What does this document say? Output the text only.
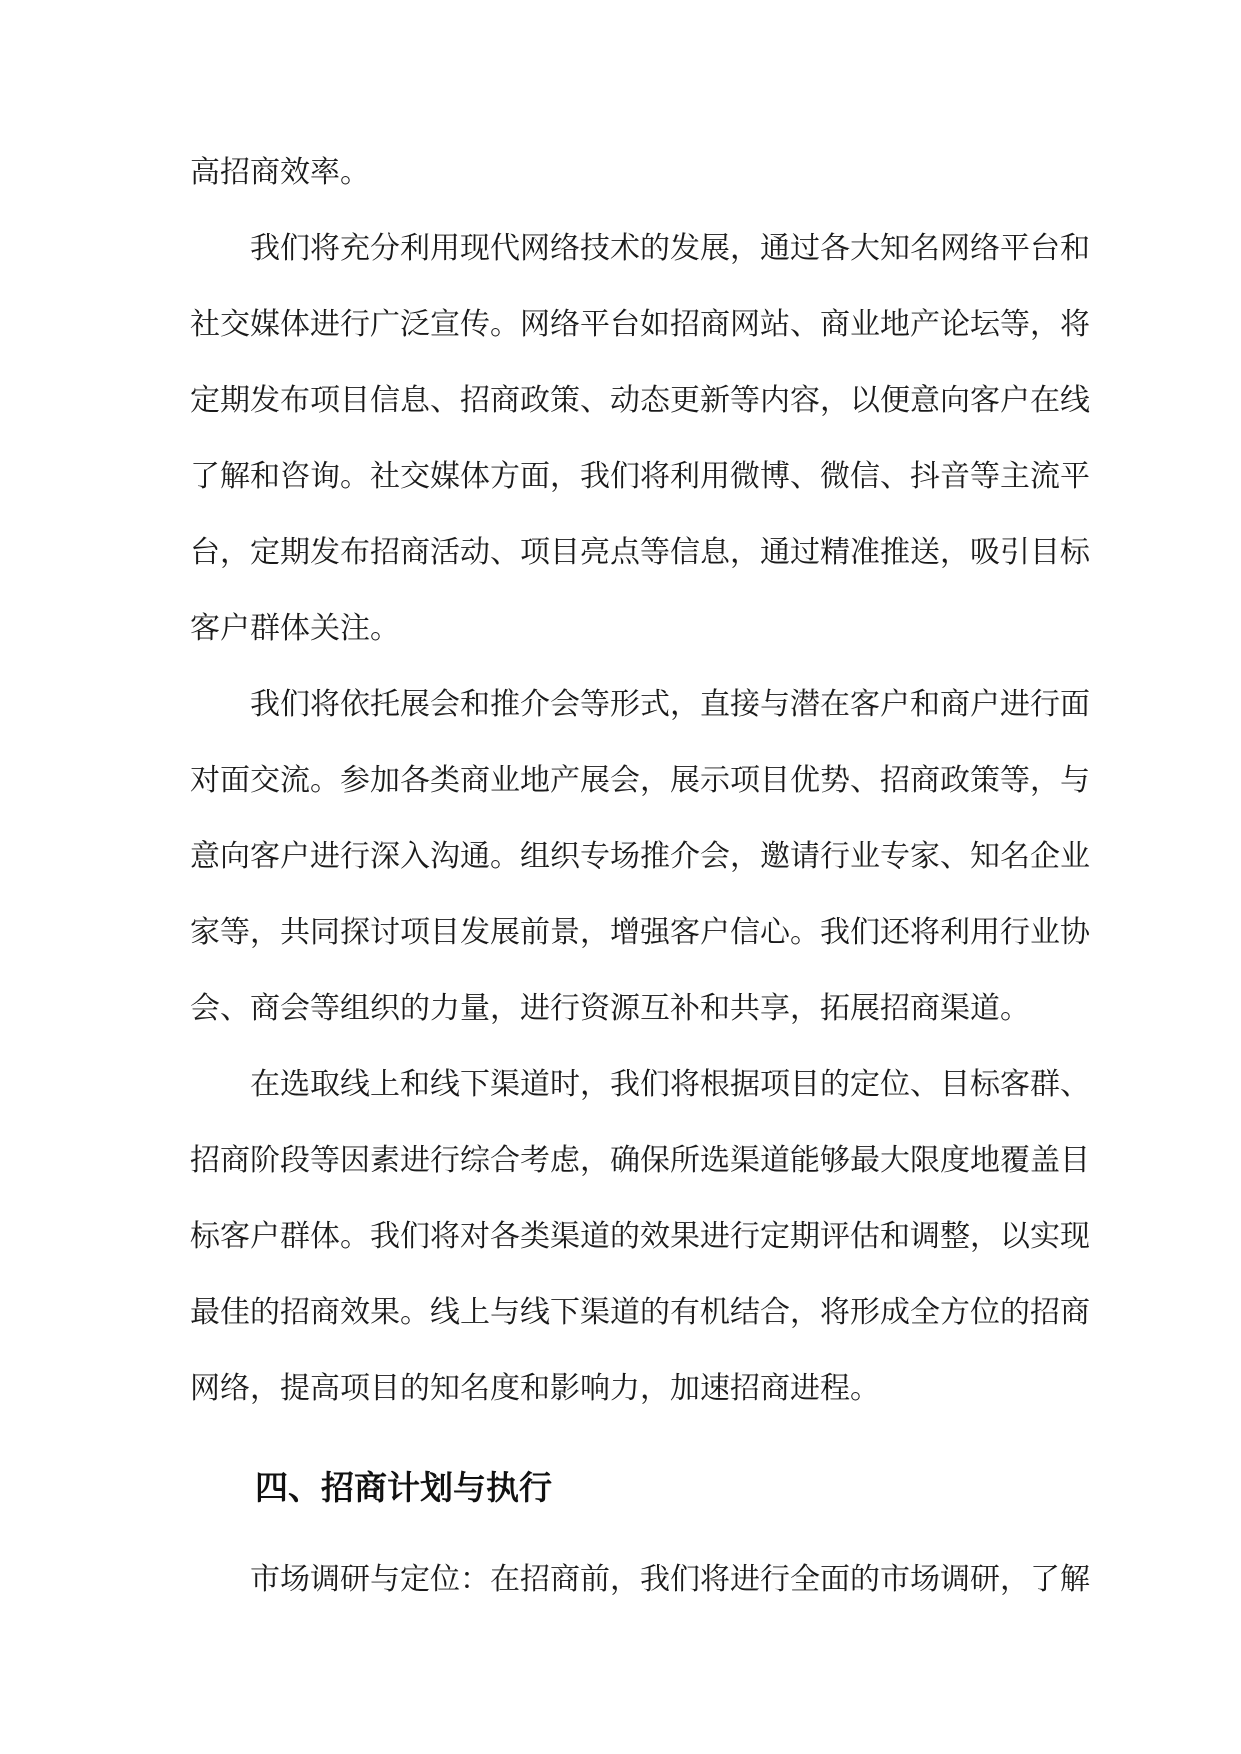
高招商效率。
我们将充分利用现代网络技术的发展，通过各大知名网络平台和
社交媒体进行广泛宣传。网络平台如招商网站、商业地产论坛等，将
定期发布项目信息、招商政策、动态更新等内容，以便意向客户在线
了解和咨询。社交媒体方面，我们将利用微博、微信、抖音等主流平
台，定期发布招商活动、项目亮点等信息，通过精准推送，吸引目标
客户群体关注。
我们将依托展会和推介会等形式，直接与潜在客户和商户进行面
对面交流。参加各类商业地产展会，展示项目优势、招商政策等，与
意向客户进行深入沟通。组织专场推介会，邀请行业专家、知名企业
家等，共同探讨项目发展前景，增强客户信心。我们还将利用行业协
会、商会等组织的力量，进行资源互补和共享，拓展招商渠道。
在选取线上和线下渠道时，我们将根据项目的定位、目标客群、
招商阶段等因素进行综合考虑，确保所选渠道能够最大限度地覆盖目
标客户群体。我们将对各类渠道的效果进行定期评估和调整，以实现
最佳的招商效果。线上与线下渠道的有机结合，将形成全方位的招商
网络，提高项目的知名度和影响力，加速招商进程。
四、招商计划与执行
市场调研与定位：在招商前，我们将进行全面的市场调研，了解
